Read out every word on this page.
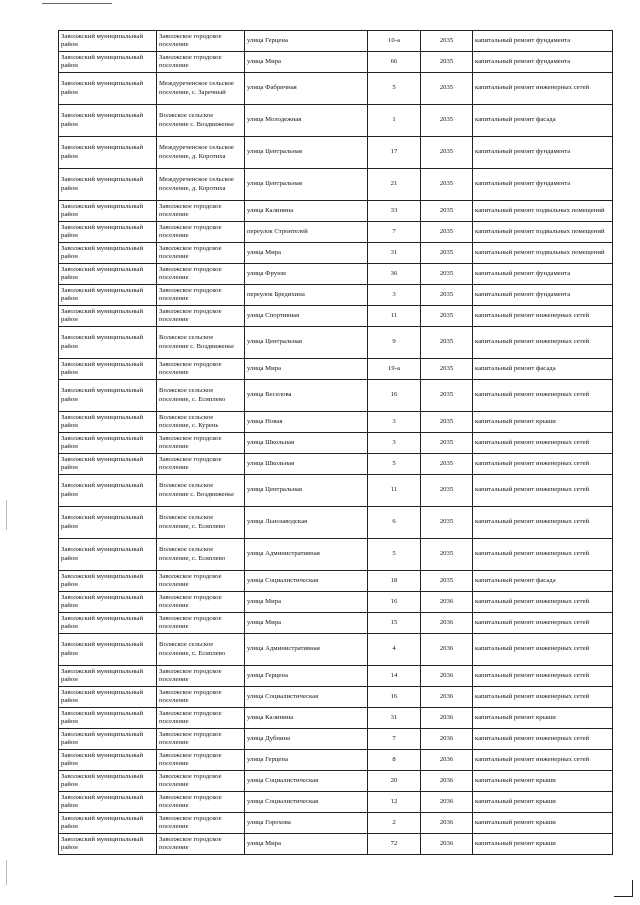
Заволжский муниципальный район	Заволжское городское поселение	улица Герцена	10-а	2035	капитальный ремонт фундамента
Заволжский муниципальный район	Заволжское городское поселение	улица Мира	66	2035	капитальный ремонт фундамента
Заволжский муниципальный район	Междуреченское сельское поселение, с. Заречный	улица Фабричная	5	2035	капитальный ремонт инженерных сетей
Заволжский муниципальный район	Волжское сельское поселение с. Воздвиженье	улица Молодежная	1	2035	капитальный ремонт фасада
Заволжский муниципальный район	Междуреченское сельское поселение, д. Коротиха	улица Центральная	17	2035	капитальный ремонт фундамента
Заволжский муниципальный район	Междуреченское сельское поселение, д. Коротиха	улица Центральная	21	2035	капитальный ремонт фундамента
Заволжский муниципальный район	Заволжское городское поселение	улица Калинина	33	2035	капитальный ремонт подвальных помещений
Заволжский муниципальный район	Заволжское городское поселение	переулок Строителей	7	2035	капитальный ремонт подвальных помещений
Заволжский муниципальный район	Заволжское городское поселение	улица Мира	31	2035	капитальный ремонт подвальных помещений
Заволжский муниципальный район	Заволжское городское поселение	улица Фрунзе	36	2035	капитальный ремонт фундамента
Заволжский муниципальный район	Заволжское городское поселение	переулок Бредихина	3	2035	капитальный ремонт фундамента
Заволжский муниципальный район	Заволжское городское поселение	улица Спортивная	11	2035	капитальный ремонт инженерных сетей
Заволжский муниципальный район	Волжское сельское поселение с. Воздвиженье	улица Центральная	9	2035	капитальный ремонт инженерных сетей
Заволжский муниципальный район	Заволжское городское поселение	улица Мира	19-а	2035	капитальный ремонт фасада
Заволжский муниципальный район	Волжское сельское поселение, с. Есиплево	улица Веселова	16	2035	капитальный ремонт инженерных сетей
Заволжский муниципальный район	Волжское сельское поселение, с. Курень	улица Новая	3	2035	капитальный ремонт крыши
Заволжский муниципальный район	Заволжское городское поселение	улица Школьная	3	2035	капитальный ремонт инженерных сетей
Заволжский муниципальный район	Заволжское городское поселение	улица Школьная	5	2035	капитальный ремонт инженерных сетей
Заволжский муниципальный район	Волжское сельское поселение с. Воздвиженье	улица Центральная	11	2035	капитальный ремонт инженерных сетей
Заволжский муниципальный район	Волжское сельское поселение, с. Есиплево	улица Льнозаводская	6	2035	капитальный ремонт инженерных сетей
Заволжский муниципальный район	Волжское сельское поселение, с. Есиплево	улица Административная	5	2035	капитальный ремонт инженерных сетей
Заволжский муниципальный район	Заволжское городское поселение	улица Социалистическая	18	2035	капитальный ремонт фасада
Заволжский муниципальный район	Заволжское городское поселение	улица Мира	16	2036	капитальный ремонт инженерных сетей
Заволжский муниципальный район	Заволжское городское поселение	улица Мира	15	2036	капитальный ремонт инженерных сетей
Заволжский муниципальный район	Волжское сельское поселение, с. Есиплево	улица Административная	4	2036	капитальный ремонт инженерных сетей
Заволжский муниципальный район	Заволжское городское поселение	улица Герцена	14	2036	капитальный ремонт инженерных сетей
Заволжский муниципальный район	Заволжское городское поселение	улица Социалистическая	16	2036	капитальный ремонт инженерных сетей
Заволжский муниципальный район	Заволжское городское поселение	улица Калинина	31	2036	капитальный ремонт крыши
Заволжский муниципальный район	Заволжское городское поселение	улица Дубнина	7	2036	капитальный ремонт инженерных сетей
Заволжский муниципальный район	Заволжское городское поселение	улица Герцена	8	2036	капитальный ремонт инженерных сетей
Заволжский муниципальный район	Заволжское городское поселение	улица Социалистическая	20	2036	капитальный ремонт крыши
Заволжский муниципальный район	Заволжское городское поселение	улица Социалистическая	12	2036	капитальный ремонт крыши
Заволжский муниципальный район	Заволжское городское поселение	улица Горохова	2	2036	капитальный ремонт крыши
Заволжский муниципальный район	Заволжское городское поселение	улица Мира	72	2036	капитальный ремонт крыши
